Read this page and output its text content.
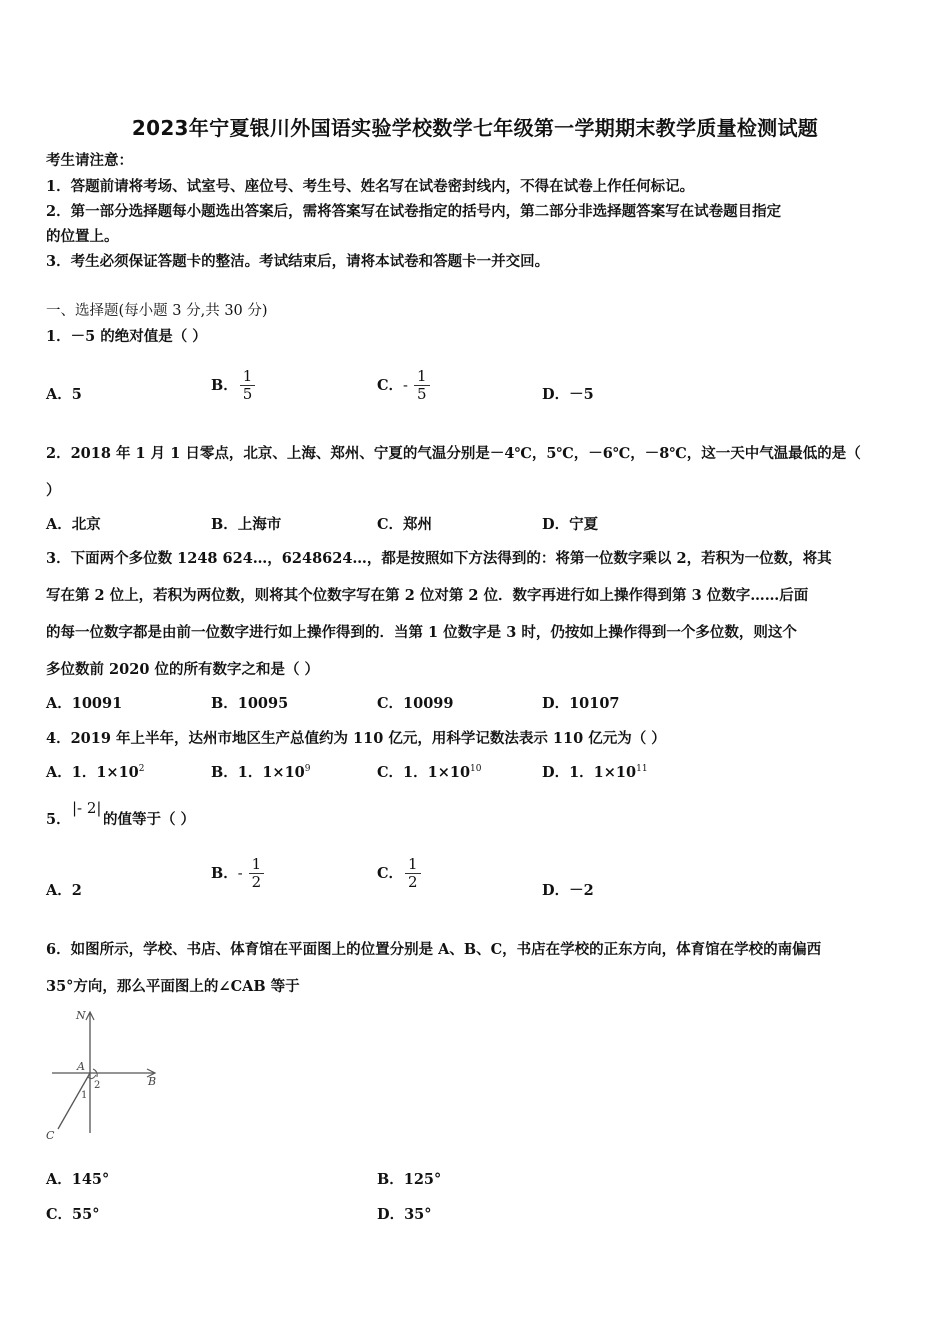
2023年宁夏银川外国语实验学校数学七年级第一学期期末教学质量检测试题
考生请注意：
1．答题前请将考场、试室号、座位号、考生号、姓名写在试卷密封线内，不得在试卷上作任何标记。
2．第一部分选择题每小题选出答案后，需将答案写在试卷指定的括号内，第二部分非选择题答案写在试卷题目指定
的位置上。
3．考生必须保证答题卡的整洁。考试结束后，请将本试卷和答题卡一并交回。
一、选择题(每小题 3 分,共 30 分)
1．－5 的绝对值是（ ）
A．5
B． $\frac{1}{5}$	C． - $\frac{1}{5}$	D．－5
2．2018 年 1 月 1 日零点，北京、上海、郑州、宁夏的气温分别是－4℃，5℃，－6℃，－8℃，这一天中气温最低的是（
）
A．北京	B．上海市	C．郑州	D．宁夏
3．下面两个多位数 1248 624…，6248624…，都是按照如下方法得到的：将第一位数字乘以 2，若积为一位数，将其
写在第 2 位上，若积为两位数，则将其个位数字写在第 2 位对第 2 位．数字再进行如上操作得到第 3 位数字……后面
的每一位数字都是由前一位数字进行如上操作得到的．当第 1 位数字是 3 时，仍按如上操作得到一个多位数，则这个
多位数前 2020 位的所有数字之和是（ ）
A．10091	B．10095	C．10099	D．10107
4．2019 年上半年，达州市地区生产总值约为 110 亿元，用科学记数法表示 110 亿元为（ ）
A．1．$1\times 10^2$	B．1．$1\times 10^9$	C．1．$1\times 10^{10}$	D．1．$1\times 10^{11}$
5．
|- 2|
的值等于（ ）
A．2
B． - $\frac{1}{2}$	C． $\frac{1}{2}$	D．－2
6．如图所示，学校、书店、体育馆在平面图上的位置分别是 A、B、C，书店在学校的正东方向，体育馆在学校的南偏西
35°方向，那么平面图上的∠CAB 等于
N
A
B
C
1
2
A．145°	B．125°
C．55°	D．35°
